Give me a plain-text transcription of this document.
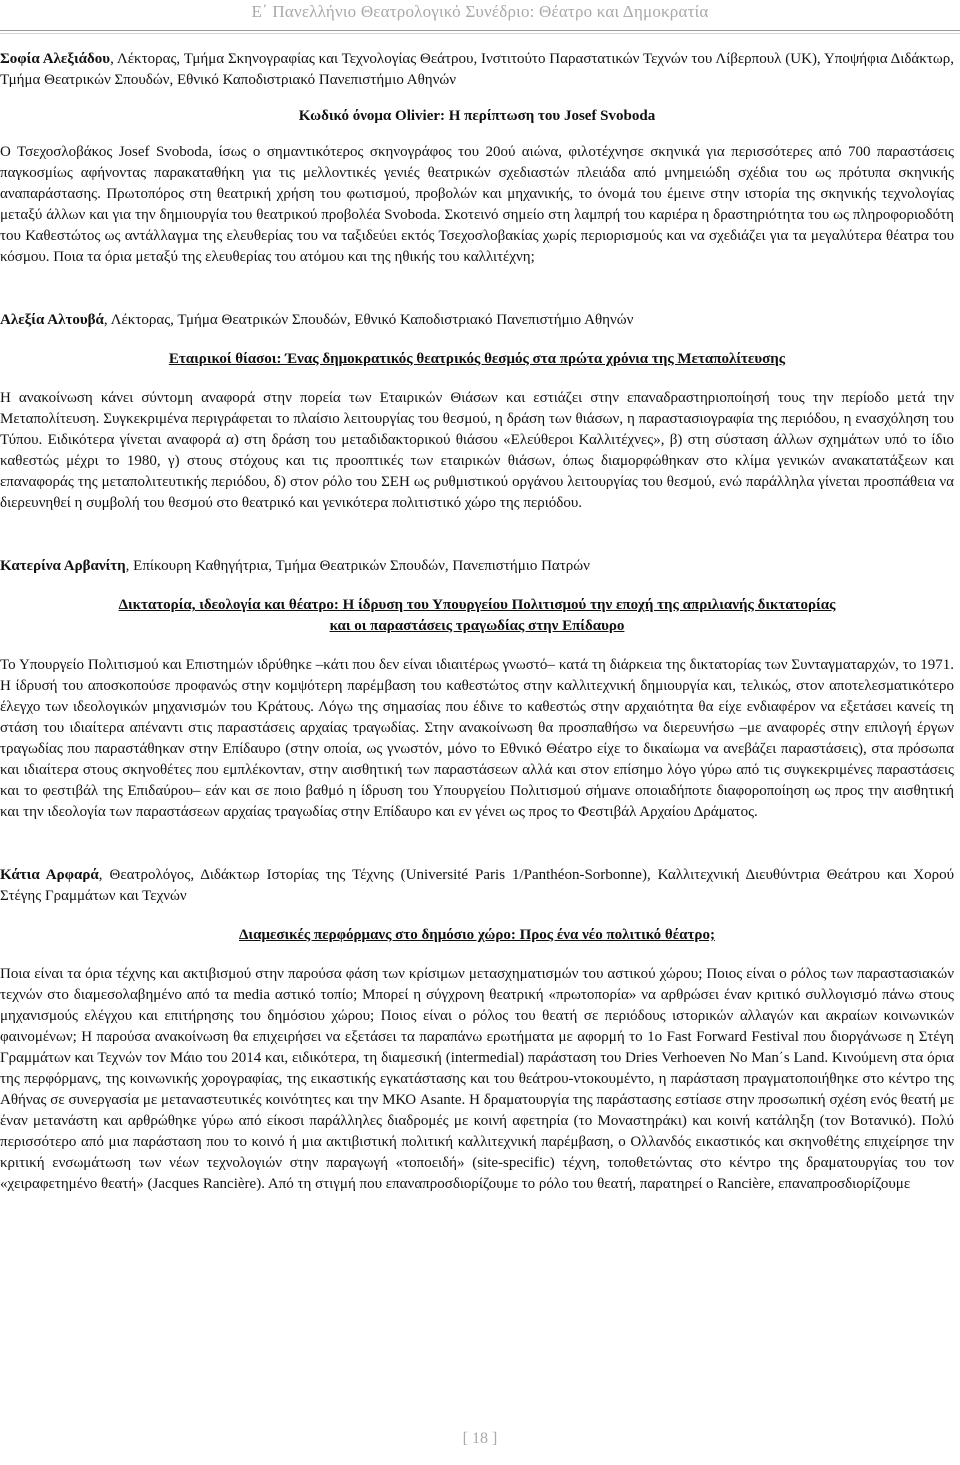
Ε΄ Πανελλήνιο Θεατρολογικό Συνέδριο: Θέατρο και Δημοκρατία

Σοφία Αλεξιάδου, Λέκτορας, Τμήμα Σκηνογραφίας και Τεχνολογίας Θεάτρου, Ινστιτούτο Παραστατικών Τεχνών του Λίβερπουλ (UK), Υποψήφια Διδάκτωρ, Τμήμα Θεατρικών Σπουδών, Εθνικό Καποδιστριακό Πανεπιστήμιο Αθηνών

Κωδικό όνομα Olivier: Η περίπτωση του Josef Svoboda

Ο Τσεχοσλοβάκος Josef Svoboda, ίσως ο σημαντικότερος σκηνογράφος του 20ού αιώνα, φιλοτέχνησε σκηνικά για περισσότερες από 700 παραστάσεις παγκοσμίως αφήνοντας παρακαταθήκη για τις μελλοντικές γενιές θεατρικών σχεδιαστών πλειάδα από μνημειώδη σχέδια του ως πρότυπα σκηνικής αναπαράστασης. Πρωτοπόρος στη θεατρική χρήση του φωτισμού, προβολών και μηχανικής, το όνομά του έμεινε στην ιστορία της σκηνικής τεχνολογίας μεταξύ άλλων και για την δημιουργία του θεατρικού προβολέα Svoboda. Σκοτεινό σημείο στη λαμπρή του καριέρα η δραστηριότητα του ως πληροφοριοδότη του Καθεστώτος ως αντάλλαγμα της ελευθερίας του να ταξιδεύει εκτός Τσεχοσλοβακίας χωρίς περιορισμούς και να σχεδιάζει για τα μεγαλύτερα θέατρα του κόσμου. Ποια τα όρια μεταξύ της ελευθερίας του ατόμου και της ηθικής του καλλιτέχνη;

Αλεξία Αλτουβά, Λέκτορας, Τμήμα Θεατρικών Σπουδών, Εθνικό Καποδιστριακό Πανεπιστήμιο Αθηνών

Εταιρικοί θίασοι: Ένας δημοκρατικός θεατρικός θεσμός στα πρώτα χρόνια της Μεταπολίτευσης

Η ανακοίνωση κάνει σύντομη αναφορά στην πορεία των Εταιρικών Θιάσων και εστιάζει στην επαναδραστηριοποίησή τους την περίοδο μετά την Μεταπολίτευση. Συγκεκριμένα περιγράφεται το πλαίσιο λειτουργίας του θεσμού, η δράση των θιάσων, η παραστασιογραφία της περιόδου, η ενασχόληση του Τύπου. Ειδικότερα γίνεται αναφορά α) στη δράση του μεταδιδακτορικού θιάσου «Ελεύθεροι Καλλιτέχνες», β) στη σύσταση άλλων σχημάτων υπό το ίδιο καθεστώς μέχρι το 1980, γ) στους στόχους και τις προοπτικές των εταιρικών θιάσων, όπως διαμορφώθηκαν στο κλίμα γενικών ανακατατάξεων και επαναφοράς της μεταπολιτευτικής περιόδου, δ) στον ρόλο του ΣΕΗ ως ρυθμιστικού οργάνου λειτουργίας του θεσμού, ενώ παράλληλα γίνεται προσπάθεια να διερευνηθεί η συμβολή του θεσμού στο θεατρικό και γενικότερα πολιτιστικό χώρο της περιόδου.

Κατερίνα Αρβανίτη, Επίκουρη Καθηγήτρια, Τμήμα Θεατρικών Σπουδών, Πανεπιστήμιο Πατρών

Δικτατορία, ιδεολογία και θέατρο: Η ίδρυση του Υπουργείου Πολιτισμού την εποχή της απριλιανής δικτατορίας

και οι παραστάσεις τραγωδίας στην Επίδαυρο

Το Υπουργείο Πολιτισμού και Επιστημών ιδρύθηκε –κάτι που δεν είναι ιδιαιτέρως γνωστό– κατά τη διάρκεια της δικτατορίας των Συνταγματαρχών, το 1971. Η ίδρυσή του αποσκοπούσε προφανώς στην κομψότερη παρέμβαση του καθεστώτος στην καλλιτεχνική δημιουργία και, τελικώς, στον αποτελεσματικότερο έλεγχο των ιδεολογικών μηχανισμών του Κράτους. Λόγω της σημασίας που έδινε το καθεστώς στην αρχαιότητα θα είχε ενδιαφέρον να εξετάσει κανείς τη στάση του ιδιαίτερα απέναντι στις παραστάσεις αρχαίας τραγωδίας. Στην ανακοίνωση θα προσπαθήσω να διερευνήσω –με αναφορές στην επιλογή έργων τραγωδίας που παραστάθηκαν στην Επίδαυρο (στην οποία, ως γνωστόν, μόνο το Εθνικό Θέατρο είχε το δικαίωμα να ανεβάζει παραστάσεις), στα πρόσωπα και ιδιαίτερα στους σκηνοθέτες που εμπλέκονταν, στην αισθητική των παραστάσεων αλλά και στον επίσημο λόγο γύρω από τις συγκεκριμένες παραστάσεις και το φεστιβάλ της Επιδαύρου– εάν και σε ποιο βαθμό η ίδρυση του Υπουργείου Πολιτισμού σήμανε οποιαδήποτε διαφοροποίηση ως προς την αισθητική και την ιδεολογία των παραστάσεων αρχαίας τραγωδίας στην Επίδαυρο και εν γένει ως προς το Φεστιβάλ Αρχαίου Δράματος.

Κάτια Αρφαρά, Θεατρολόγος, Διδάκτωρ Ιστορίας της Τέχνης (Université Paris 1/Panthéon-Sorbonne), Καλλιτεχνική Διευθύντρια Θεάτρου και Χορού Στέγης Γραμμάτων και Τεχνών

Διαμεσικές περφόρμανς στο δημόσιο χώρο: Προς ένα νέο πολιτικό θέατρο;

Ποια είναι τα όρια τέχνης και ακτιβισμού στην παρούσα φάση των κρίσιμων μετασχηματισμών του αστικού χώρου; Ποιος είναι ο ρόλος των παραστασιακών τεχνών στο διαμεσολαβημένο από τα media αστικό τοπίο; Μπορεί η σύγχρονη θεατρική «πρωτοπορία» να αρθρώσει έναν κριτικό συλλογισμό πάνω στους μηχανισμούς ελέγχου και επιτήρησης του δημόσιου χώρου; Ποιος είναι ο ρόλος του θεατή σε περιόδους ιστορικών αλλαγών και ακραίων κοινωνικών φαινομένων; Η παρούσα ανακοίνωση θα επιχειρήσει να εξετάσει τα παραπάνω ερωτήματα με αφορμή το 1ο Fast Forward Festival που διοργάνωσε η Στέγη Γραμμάτων και Τεχνών τον Μάιο του 2014 και, ειδικότερα, τη διαμεσική (intermedial) παράσταση του Dries Verhoeven No Man΄s Land. Κινούμενη στα όρια της περφόρμανς, της κοινωνικής χορογραφίας, της εικαστικής εγκατάστασης και του θεάτρου-ντοκουμέντο, η παράσταση πραγματοποιήθηκε στο κέντρο της Αθήνας σε συνεργασία με μεταναστευτικές κοινότητες και την ΜΚΟ Asante. Η δραματουργία της παράστασης εστίασε στην προσωπική σχέση ενός θεατή με έναν μετανάστη και αρθρώθηκε γύρω από είκοσι παράλληλες διαδρομές με κοινή αφετηρία (το Μοναστηράκι) και κοινή κατάληξη (τον Βοτανικό). Πολύ περισσότερο από μια παράσταση που το κοινό ή μια ακτιβιστική πολιτική καλλιτεχνική παρέμβαση, ο Ολλανδός εικαστικός και σκηνοθέτης επιχείρησε την κριτική ενσωμάτωση των νέων τεχνολογιών στην παραγωγή «τοποειδή» (site-specific) τέχνη, τοποθετώντας στο κέντρο της δραματουργίας του τον «χειραφετημένο θεατή» (Jacques Rancière). Από τη στιγμή που επαναπροσδιορίζουμε το ρόλο του θεατή, παρατηρεί ο Rancière, επαναπροσδιορίζουμε

[ 18 ]
